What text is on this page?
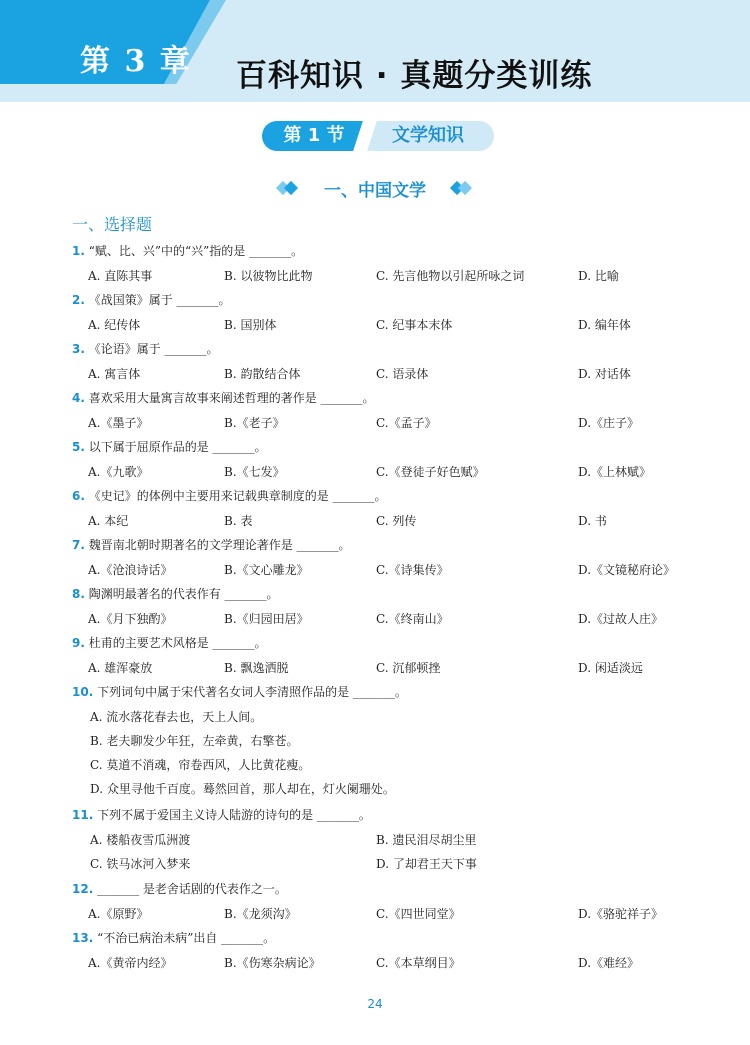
第 3 章 百科知识 · 真题分类训练
文学知识
第 1 节
一、中国文学
一、选择题
1. “赋、比、兴”中的“兴”指的是 _______。
A. 直陈其事	B. 以彼物比此物	C. 先言他物以引起所咏之词	D. 比喻
2. 《战国策》属于 _______。
A. 纪传体	B. 国别体	C. 纪事本末体	D. 编年体
3. 《论语》属于 _______。
A. 寓言体	B. 韵散结合体	C. 语录体	D. 对话体
4. 喜欢采用大量寓言故事来阐述哲理的著作是 _______。
A.《墨子》	B.《老子》	C.《孟子》	D.《庄子》
5. 以下属于屈原作品的是 _______。
A.《九歌》	B.《七发》	C.《登徒子好色赋》	D.《上林赋》
6. 《史记》的体例中主要用来记载典章制度的是 _______。
A. 本纪	B. 表	C. 列传	D. 书
7. 魏晋南北朝时期著名的文学理论著作是 _______。
A.《沧浪诗话》	B.《文心雕龙》	C.《诗集传》	D.《文镜秘府论》
8. 陶渊明最著名的代表作有 _______。
A.《月下独酌》	B.《归园田居》	C.《终南山》	D.《过故人庄》
9. 杜甫的主要艺术风格是 _______。
A. 雄浑豪放	B. 飘逸洒脱	C. 沉郁顿挫	D. 闲适淡远
10. 下列词句中属于宋代著名女词人李清照作品的是 _______。
A. 流水落花春去也，天上人间。
B. 老夫聊发少年狂，左牵黄，右擎苍。
C. 莫道不消魂，帘卷西风，人比黄花瘦。
D. 众里寻他千百度。蓦然回首，那人却在，灯火阑珊处。
11. 下列不属于爱国主义诗人陆游的诗句的是 _______。
A. 楼船夜雪瓜洲渡	B. 遗民泪尽胡尘里
C. 铁马冰河入梦来	D. 了却君王天下事
12. _______ 是老舍话剧的代表作之一。
A.《原野》	B.《龙须沟》	C.《四世同堂》	D.《骆驼祥子》
13. “不治已病治未病”出自 _______。
A.《黄帝内经》	B.《伤寒杂病论》	C.《本草纲目》	D.《难经》
24
